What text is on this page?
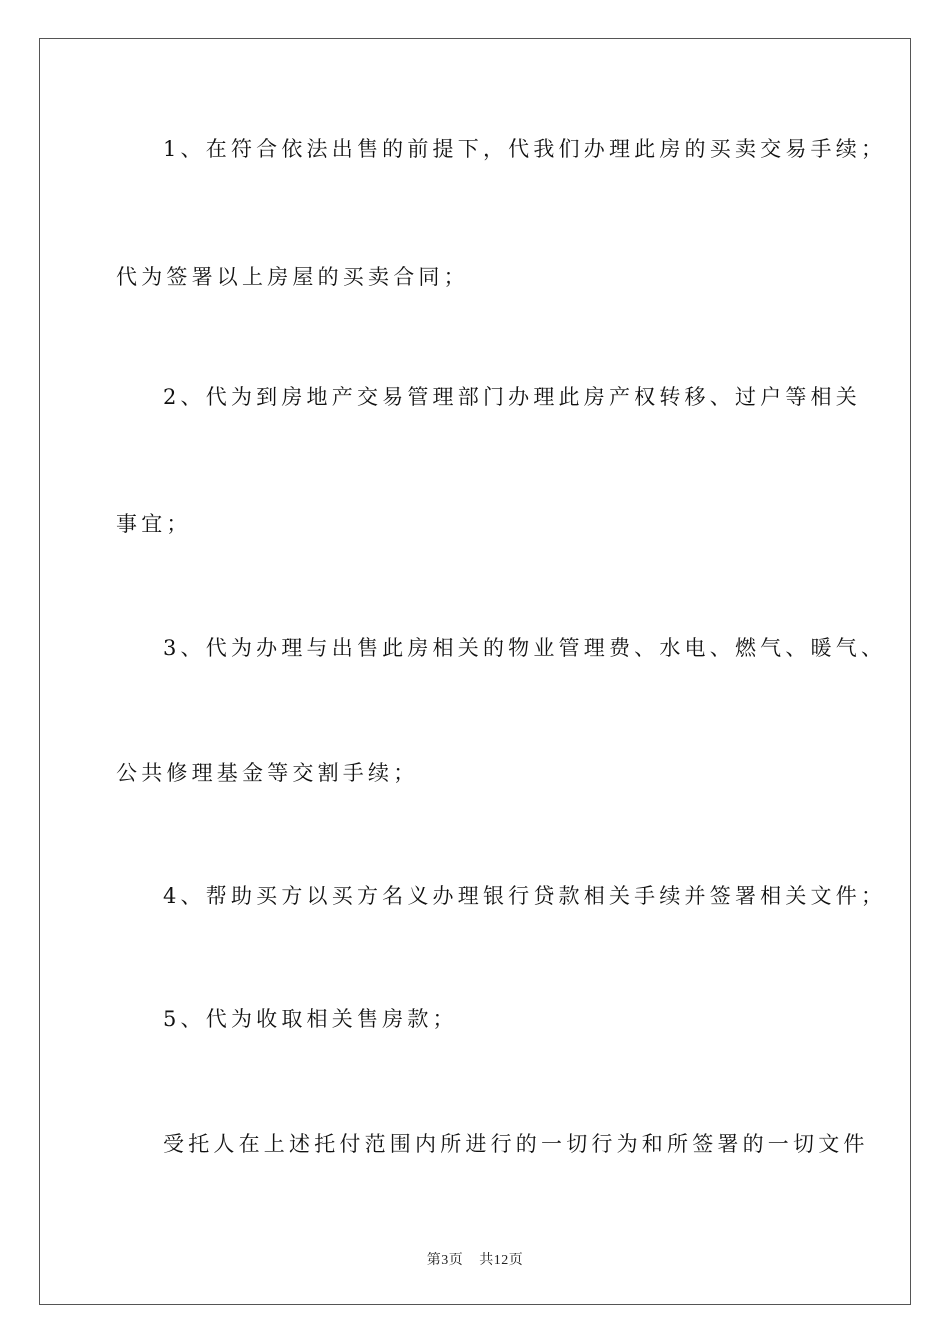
1、在符合依法出售的前提下，代我们办理此房的买卖交易手续；
代为签署以上房屋的买卖合同；
2、代为到房地产交易管理部门办理此房产权转移、过户等相关
事宜；
3、代为办理与出售此房相关的物业管理费、水电、燃气、暖气、
公共修理基金等交割手续；
4、帮助买方以买方名义办理银行贷款相关手续并签署相关文件；
5、代为收取相关售房款；
受托人在上述托付范围内所进行的一切行为和所签署的一切文件
第3页 共12页
